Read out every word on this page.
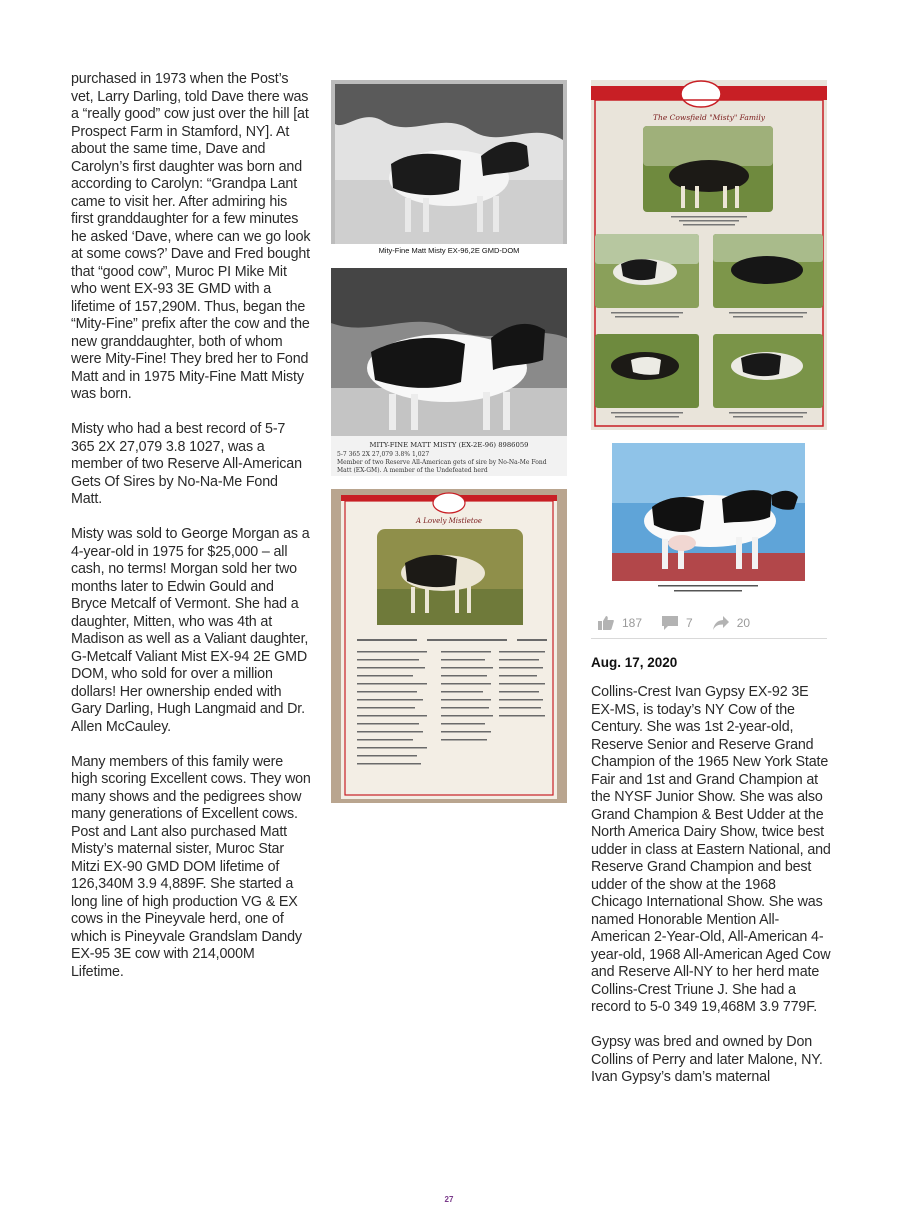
purchased in 1973 when the Post’s vet, Larry Darling, told Dave there was a “really good” cow just over the hill [at Prospect Farm in Stamford, NY]. At about the same time, Dave and Carolyn’s first daughter was born and according to Carolyn: “Grandpa Lant came to visit her. After admiring his first granddaughter for a few minutes he asked ‘Dave, where can we go look at some cows?’ Dave and Fred bought that “good cow”, Muroc PI Mike Mit who went EX-93 3E GMD with a lifetime of 157,290M. Thus, began the “Mity-Fine” prefix after the cow and the new granddaughter, both of whom were Mity-Fine! They bred her to Fond Matt and in 1975 Mity-Fine Matt Misty was born.

Misty who had a best record of 5-7 365 2X 27,079 3.8 1027, was a member of two Reserve All-American Gets Of Sires by No-Na-Me Fond Matt.

Misty was sold to George Morgan as a 4-year-old in 1975 for $25,000 – all cash, no terms! Morgan sold her two months later to Edwin Gould and Bryce Metcalf of Vermont. She had a daughter, Mitten, who was 4th at Madison as well as a Valiant daughter, G-Metcalf Valiant Mist EX-94 2E GMD DOM, who sold for over a million dollars! Her ownership ended with Gary Darling, Hugh Langmaid and Dr. Allen McCauley.

Many members of this family were high scoring Excellent cows. They won many shows and the pedigrees show many generations of Excellent cows. Post and Lant also purchased Matt Misty’s maternal sister, Muroc Star Mitzi EX-90 GMD DOM lifetime of 126,340M 3.9 4,889F. She started a long line of high production VG & EX cows in the Pineyvale herd, one of which is Pineyvale Grandslam Dandy EX-95 3E cow with 214,000M Lifetime.

Mity-Fine Matt Misty EX-96,2E GMD-DOM
MITY-FINE MATT MISTY (EX-2E-96) 8986059
5-7 365 2X 27,079 3.8% 1,027
Member of two Reserve All-American gets of sire by No-Na-Me Fond
Matt (EX-GM). A member of the Undefeated herd
A Lovely Mistletoe
The Cowsfield "Misty" Family
187	7	20
Aug. 17, 2020

Collins-Crest Ivan Gypsy EX-92 3E EX-MS, is today’s NY Cow of the Century. She was 1st 2-year-old, Reserve Senior and Reserve Grand Champion of the 1965 New York State Fair and 1st and Grand Champion at the NYSF Junior Show. She was also Grand Champion & Best Udder at the North America Dairy Show, twice best udder in class at Eastern National, and Reserve Grand Champion and best udder of the show at the 1968 Chicago International Show. She was named Honorable Mention All-American 2-Year-Old, All-American 4-year-old, 1968 All-American Aged Cow and Reserve All-NY to her herd mate Collins-Crest Triune J. She had a record to 5-0 349 19,468M 3.9 779F.

Gypsy was bred and owned by Don Collins of Perry and later Malone, NY. Ivan Gypsy’s dam’s maternal

27
